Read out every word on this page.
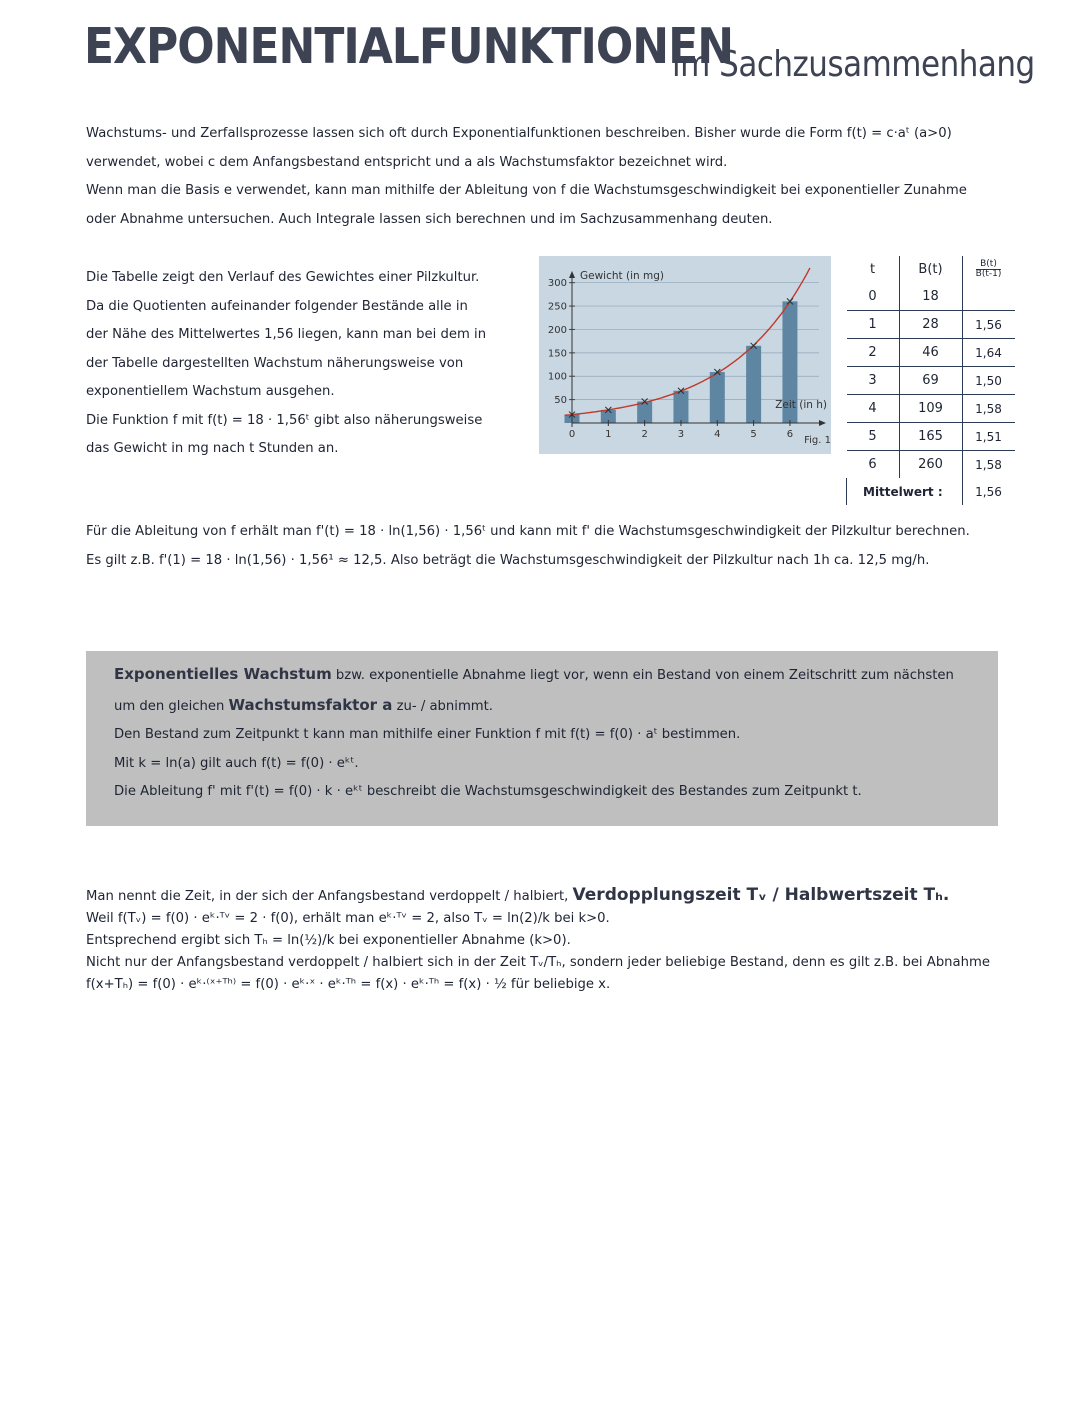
EXPONENTIALFUNKTIONEN
im Sachzusammenhang
Wachstums- und Zerfallsprozesse lassen sich oft durch Exponentialfunktionen beschreiben. Bisher wurde die Form f(t) = c·aᵗ (a>0)
verwendet, wobei c dem Anfangsbestand entspricht und a als Wachstumsfaktor bezeichnet wird.
Wenn man die Basis e verwendet, kann man mithilfe der Ableitung von f die Wachstumsgeschwindigkeit bei exponentieller Zunahme
oder Abnahme untersuchen. Auch Integrale lassen sich berechnen und im Sachzusammenhang deuten.
Die Tabelle zeigt den Verlauf des Gewichtes einer Pilzkultur.
Da die Quotienten aufeinander folgender Bestände alle in
der Nähe des Mittelwertes 1,56 liegen, kann man bei dem in
der Tabelle dargestellten Wachstum näherungsweise von
exponentiellem Wachstum ausgehen.
Die Funktion f mit f(t) = 18 · 1,56ᵗ gibt also näherungsweise
das Gewicht in mg nach t Stunden an.
50
100
150
200
250
300
0	1	2	3	4	5	6
Gewicht (in mg)
Zeit (in h)
Fig. 1
t	B(t)	$\frac{B(t)}{B(t-1)}$

0	18	
1	28	1,56
2	46	1,64
3	69	1,50
4	109	1,58
5	165	1,51
6	260	1,58
Mittelwert :		1,56
Für die Ableitung von f erhält man f'(t) = 18 · ln(1,56) · 1,56ᵗ und kann mit f' die Wachstumsgeschwindigkeit der Pilzkultur berechnen.
Es gilt z.B. f'(1) = 18 · ln(1,56) · 1,56¹ ≈ 12,5. Also beträgt die Wachstumsgeschwindigkeit der Pilzkultur nach 1h ca. 12,5 mg/h.
Exponentielles Wachstum bzw. exponentielle Abnahme liegt vor, wenn ein Bestand von einem Zeitschritt zum nächsten
um den gleichen Wachstumsfaktor a zu- / abnimmt.
Den Bestand zum Zeitpunkt t kann man mithilfe einer Funktion f mit f(t) = f(0) · aᵗ bestimmen.
Mit k = ln(a) gilt auch f(t) = f(0) · eᵏᵗ.
Die Ableitung f' mit f'(t) = f(0) · k · eᵏᵗ beschreibt die Wachstumsgeschwindigkeit des Bestandes zum Zeitpunkt t.
Man nennt die Zeit, in der sich der Anfangsbestand verdoppelt / halbiert, Verdopplungszeit Tᵥ / Halbwertszeit Tₕ.
Weil f(Tᵥ) = f(0) · eᵏ·ᵀᵛ = 2 · f(0), erhält man eᵏ·ᵀᵛ = 2, also Tᵥ = ln(2)/k bei k>0.
Entsprechend ergibt sich Tₕ = ln(½)/k bei exponentieller Abnahme (k>0).
Nicht nur der Anfangsbestand verdoppelt / halbiert sich in der Zeit Tᵥ/Tₕ, sondern jeder beliebige Bestand, denn es gilt z.B. bei Abnahme
f(x+Tₕ) = f(0) · eᵏ·⁽ˣ⁺ᵀʰ⁾ = f(0) · eᵏ·ˣ · eᵏ·ᵀʰ = f(x) · eᵏ·ᵀʰ = f(x) · ½ für beliebige x.
